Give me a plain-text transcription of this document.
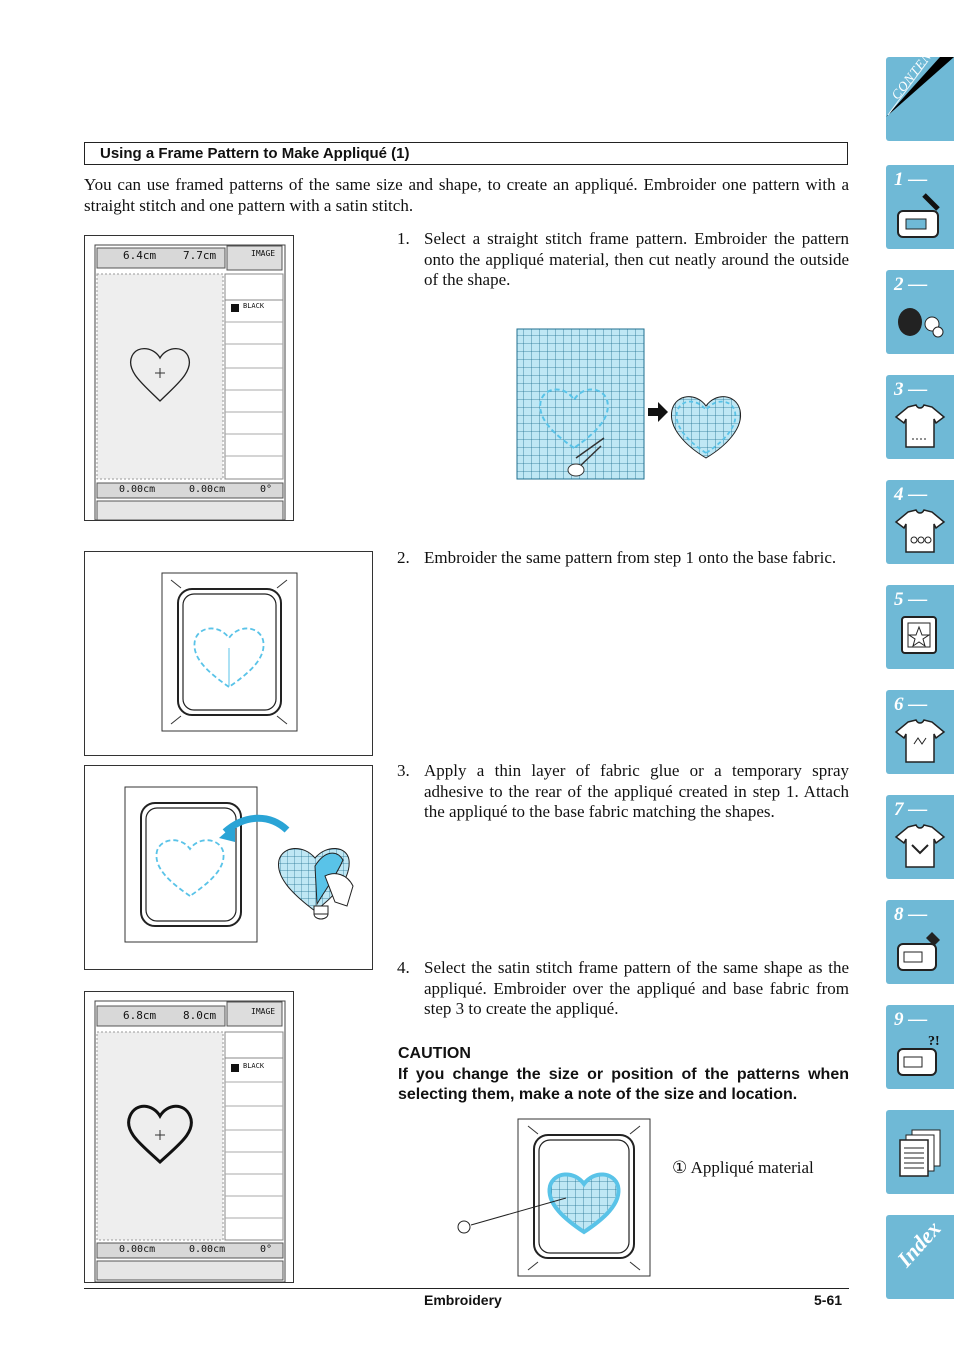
Using a Frame Pattern to Make Appliqué (1)
You can use framed patterns of the same size and shape, to create an appliqué. Embroider one pattern with a straight stitch and one pattern with a satin stitch.
6.4cm 7.7cm	IMAGE
BLACK
0.00cm	0.00cm	0°
1. Select a straight stitch frame pattern. Embroider the pattern onto the appliqué material, then cut neatly around the outside of the shape.
2. Embroider the same pattern from step 1 onto the base fabric.
3. Apply a thin layer of fabric glue or a temporary spray adhesive to the rear of the appliqué created in step 1. Attach the appliqué to the base fabric matching the shapes.
4. Select the satin stitch frame pattern of the same shape as the appliqué. Embroider over the appliqué and base fabric from step 3 to create the appliqué.
CAUTION
If you change the size or position of the patterns when selecting them, make a note of the size and location.
6.8cm 8.0cm	IMAGE
BLACK
0.00cm	0.00cm	0°
① Appliqué material
Embroidery	5-61
CONTENTS
1 —
2 —
3 —
4 —
5 —
6 —
7 —
8 —
9 —
?!
Index
